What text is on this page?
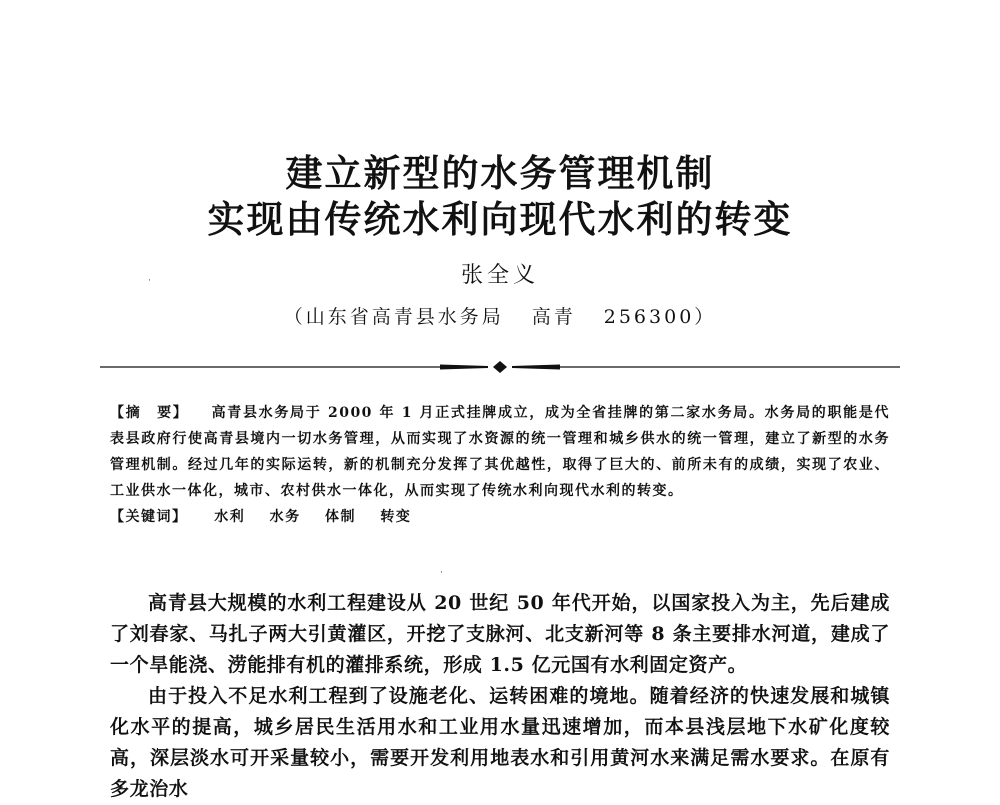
建立新型的水务管理机制
实现由传统水利向现代水利的转变
·	张全义
（山东省高青县水务局 高青 256300）

【摘　要】 高青县水务局于 2000 年 1 月正式挂牌成立，成为全省挂牌的第二家水务局。水务局的职能是代表县政府行使高青县境内一切水务管理，从而实现了水资源的统一管理和城乡供水的统一管理，建立了新型的水务管理机制。经过几年的实际运转，新的机制充分发挥了其优越性，取得了巨大的、前所未有的成绩，实现了农业、工业供水一体化，城市、农村供水一体化，从而实现了传统水利向现代水利的转变。

【关键词】 水利 水务 体制 转变

·

高青县大规模的水利工程建设从 20 世纪 50 年代开始，以国家投入为主，先后建成了刘春家、马扎子两大引黄灌区，开挖了支脉河、北支新河等 8 条主要排水河道，建成了一个旱能浇、涝能排有机的灌排系统，形成 1.5 亿元国有水利固定资产。

由于投入不足水利工程到了设施老化、运转困难的境地。随着经济的快速发展和城镇化水平的提高，城乡居民生活用水和工业用水量迅速增加，而本县浅层地下水矿化度较高，深层淡水可开采量较小，需要开发利用地表水和引用黄河水来满足需水要求。在原有多龙治水
